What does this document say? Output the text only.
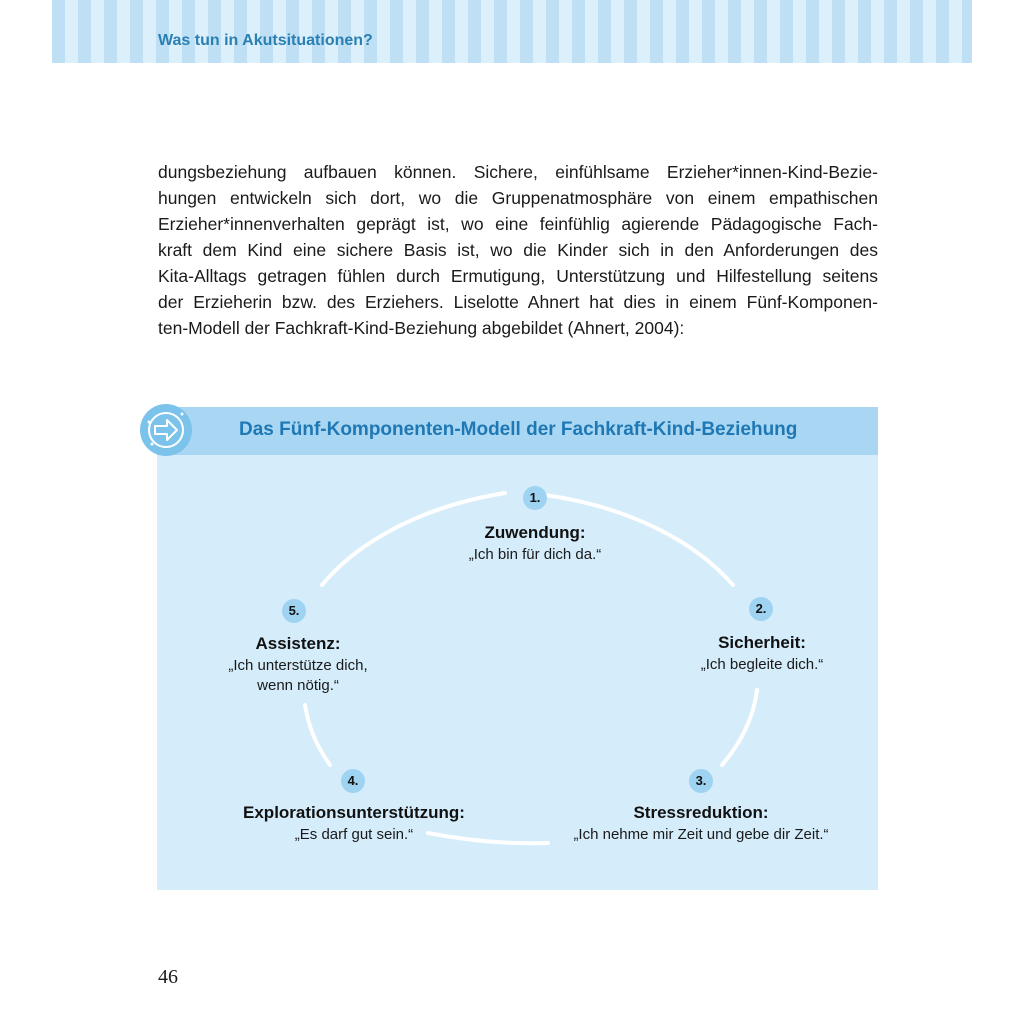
Was tun in Akutsituationen?
dungsbeziehung aufbauen können. Sichere, einfühlsame Erzieher*innen-Kind-Bezie-
hungen entwickeln sich dort, wo die Gruppenatmosphäre von einem empathischen
Erzieher*innenverhalten geprägt ist, wo eine feinfühlig agierende Pädagogische Fach-
kraft dem Kind eine sichere Basis ist, wo die Kinder sich in den Anforderungen des
Kita-Alltags getragen fühlen durch Ermutigung, Unterstützung und Hilfestellung seitens
der Erzieherin bzw. des Erziehers. Liselotte Ahnert hat dies in einem Fünf-Komponen-
ten-Modell der Fachkraft-Kind-Beziehung abgebildet (Ahnert, 2004):
Das Fünf-Komponenten-Modell der Fachkraft-Kind-Beziehung
1.
Zuwendung:
„Ich bin für dich da.“
2.
Sicherheit:
„Ich begleite dich.“
3.
Stressreduktion:
„Ich nehme mir Zeit und gebe dir Zeit.“
4.
Explorationsunterstützung:
„Es darf gut sein.“
5.
Assistenz:
„Ich unterstütze dich,
wenn nötig.“
46
